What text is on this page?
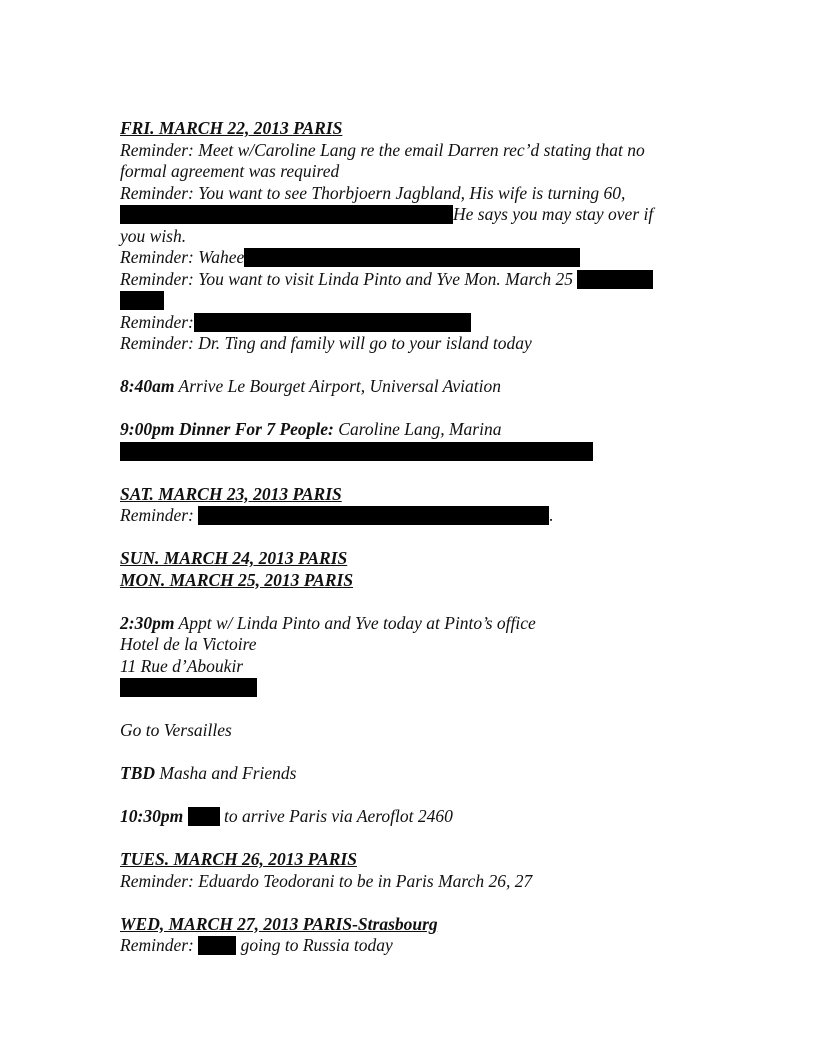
FRI. MARCH 22, 2013 PARIS
Reminder: Meet w/Caroline Lang re the email Darren rec’d stating that no
formal agreement was required
Reminder: You want to see Thorbjoern Jagbland, His wife is turning 60,
He says you may stay over if
you wish.
Reminder: Wahee
Reminder: You want to visit Linda Pinto and Yve Mon. March 25
Reminder:
Reminder: Dr. Ting and family will go to your island today
8:40am Arrive Le Bourget Airport, Universal Aviation
9:00pm Dinner For 7 People: Caroline Lang, Marina
SAT. MARCH 23, 2013 PARIS
Reminder:	.
SUN. MARCH 24, 2013 PARIS
MON. MARCH 25, 2013 PARIS
2:30pm Appt w/ Linda Pinto and Yve today at Pinto’s office
Hotel de la Victoire
11 Rue d’Aboukir
Go to Versailles
TBD Masha and Friends
10:30pm  to arrive Paris via Aeroflot 2460
TUES. MARCH 26, 2013 PARIS
Reminder: Eduardo Teodorani to be in Paris March 26, 27
WED, MARCH 27, 2013 PARIS-Strasbourg
Reminder:  going to Russia today
